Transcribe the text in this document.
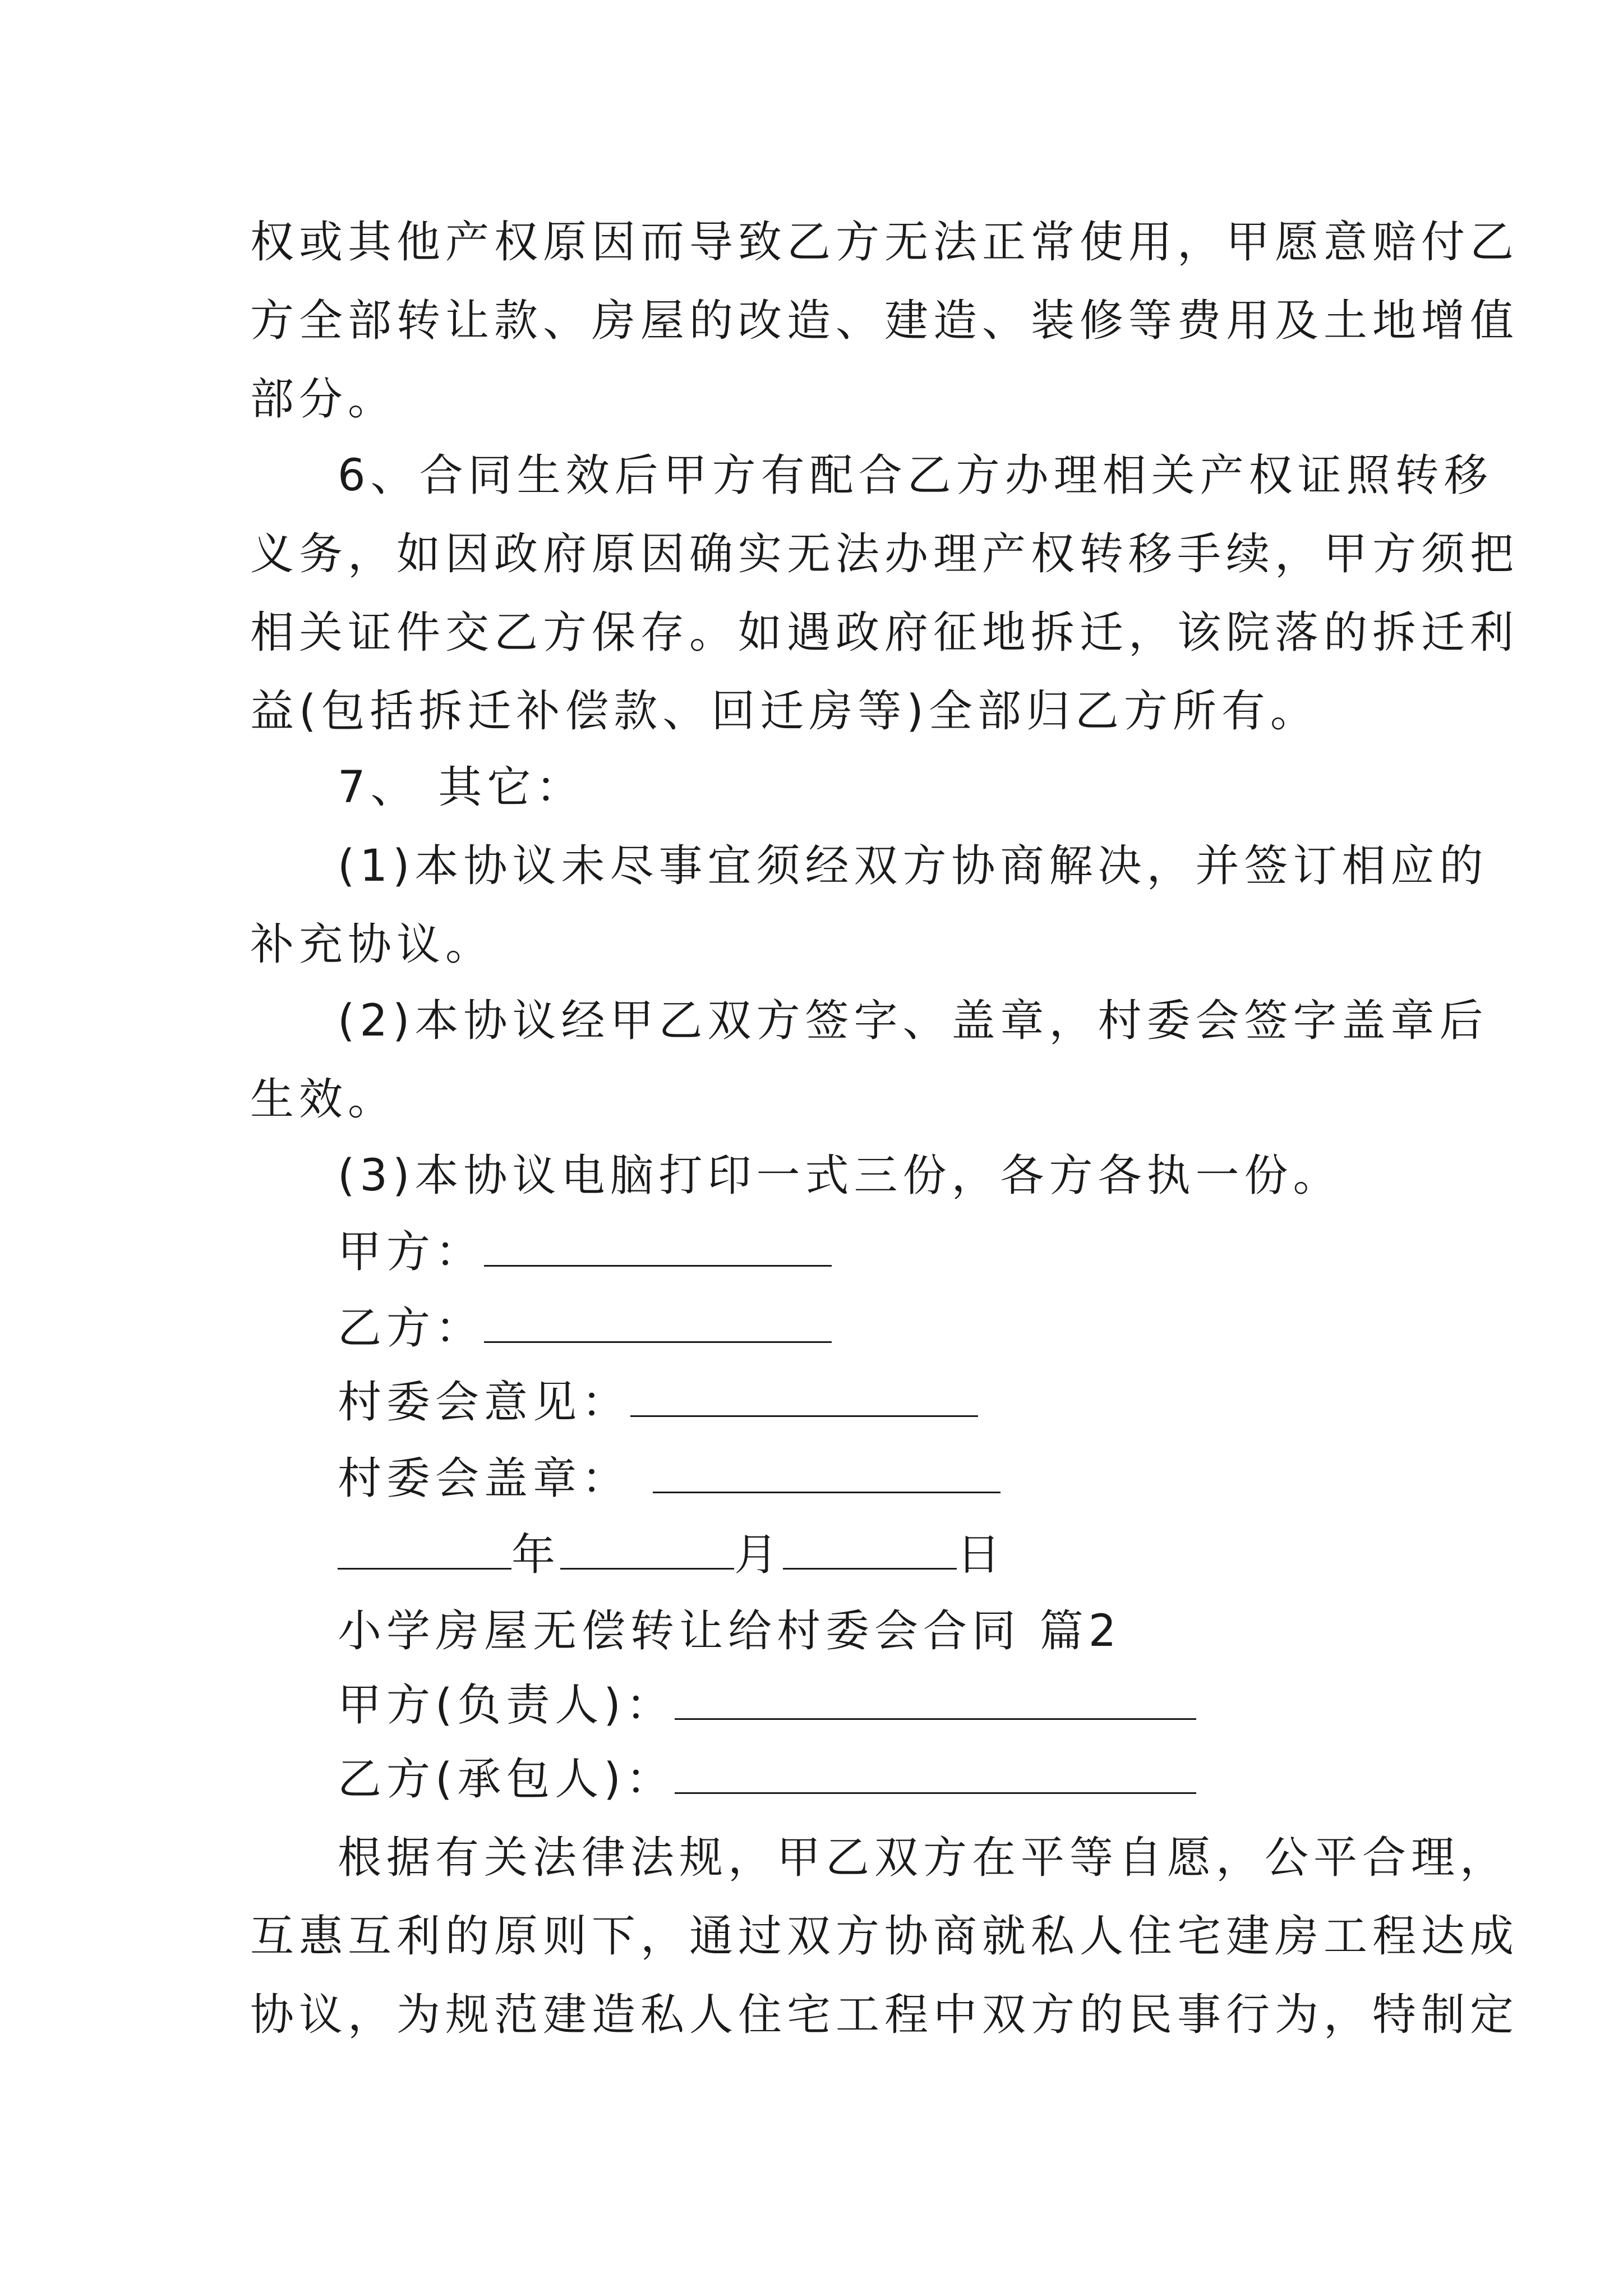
权或其他产权原因而导致乙方无法正常使用，甲愿意赔付乙
方全部转让款、房屋的改造、建造、装修等费用及土地增值
部分。
6、合同生效后甲方有配合乙方办理相关产权证照转移
义务，如因政府原因确实无法办理产权转移手续，甲方须把
相关证件交乙方保存。如遇政府征地拆迁，该院落的拆迁利
益(包括拆迁补偿款、回迁房等)全部归乙方所有。
7、 其它：
(1)本协议未尽事宜须经双方协商解决，并签订相应的
补充协议。
(2)本协议经甲乙双方签字、盖章，村委会签字盖章后
生效。
(3)本协议电脑打印一式三份，各方各执一份。
甲方：
乙方：
村委会意见：
村委会盖章：
年	月	日
小学房屋无偿转让给村委会合同 篇2
甲方(负责人)：
乙方(承包人)：
根据有关法律法规，甲乙双方在平等自愿，公平合理，
互惠互利的原则下，通过双方协商就私人住宅建房工程达成
协议，为规范建造私人住宅工程中双方的民事行为，特制定
